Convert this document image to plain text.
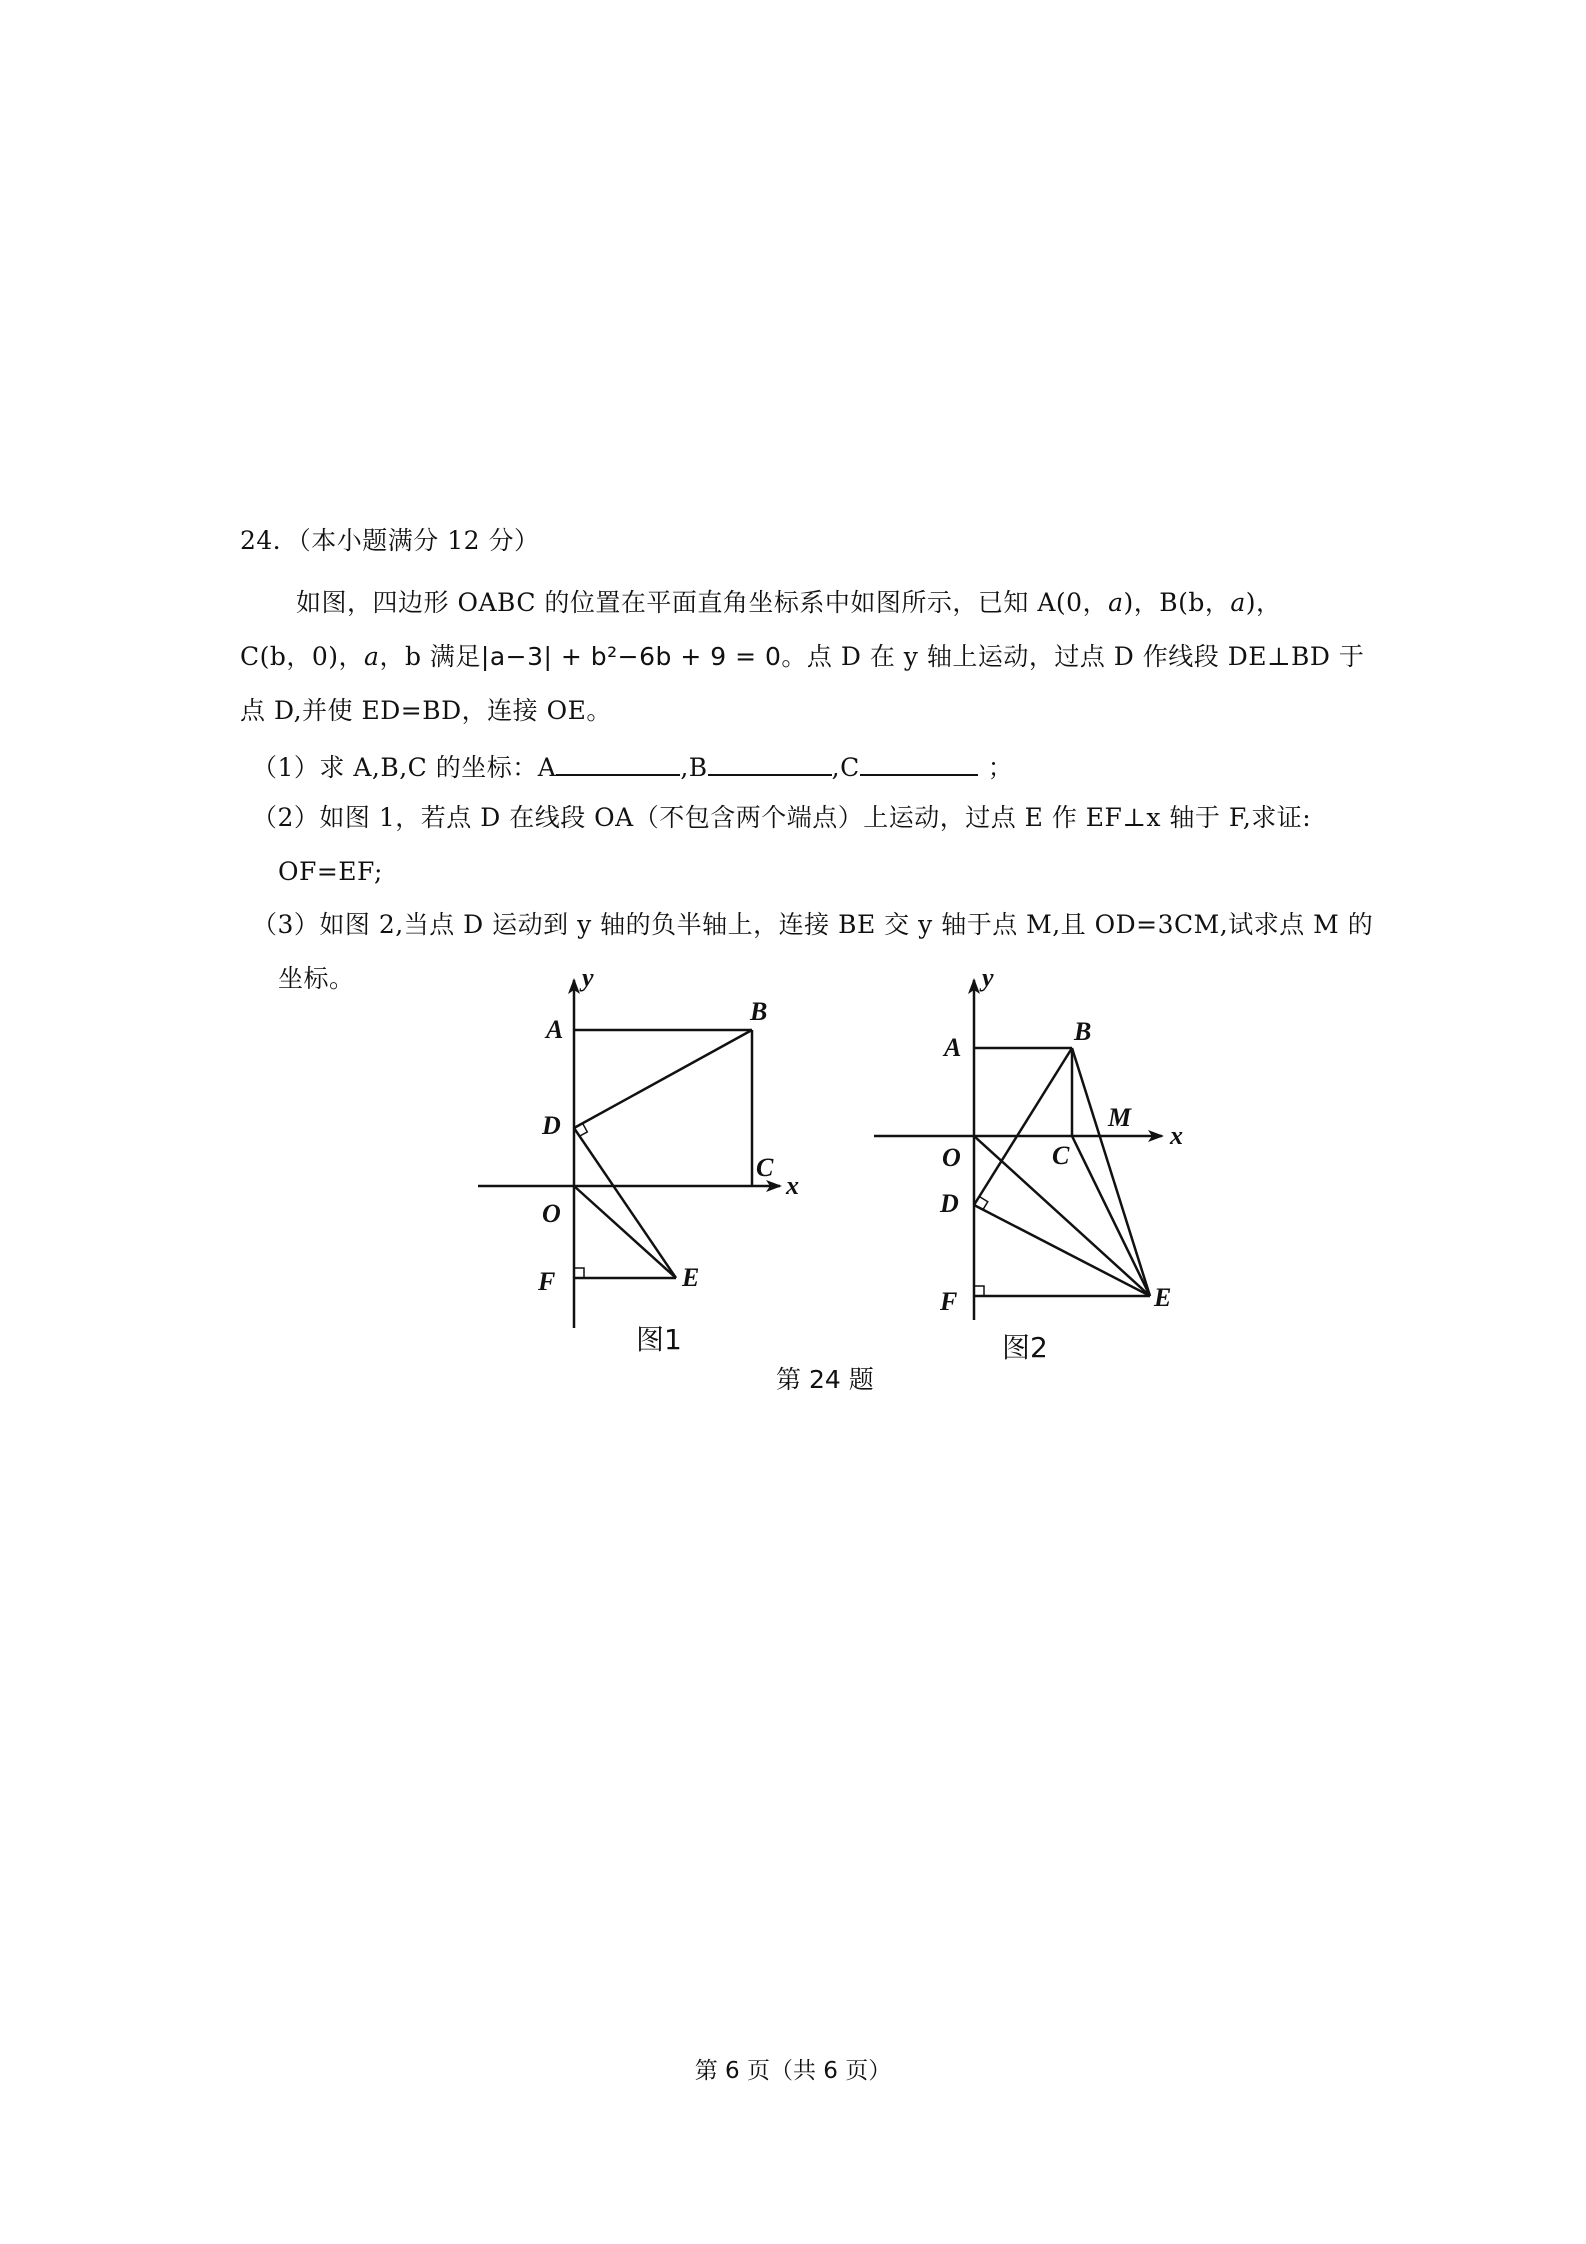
24．（本小题满分 12 分）
如图，四边形 OABC 的位置在平面直角坐标系中如图所示，已知 A(0，a)，B(b，a)，
C(b，0)，a，b 满足|a−3| + b²−6b + 9 = 0。点 D 在 y 轴上运动，过点 D 作线段 DE⊥BD 于
点 D,并使 ED=BD，连接 OE。
（1）求 A,B,C 的坐标：A	,B	,C	；
（2）如图 1，若点 D 在线段 OA（不包含两个端点）上运动，过点 E 作 EF⊥x 轴于 F,求证:
OF=EF;
（3）如图 2,当点 D 运动到 y 轴的负半轴上，连接 BE 交 y 轴于点 M,且 OD=3CM,试求点 M 的
坐标。	y
A
B
D
C
x
O
F	E
图1
y
A
B
M
x
O	C
D
F	E
图2
第 24 题
第 6 页（共 6 页）
